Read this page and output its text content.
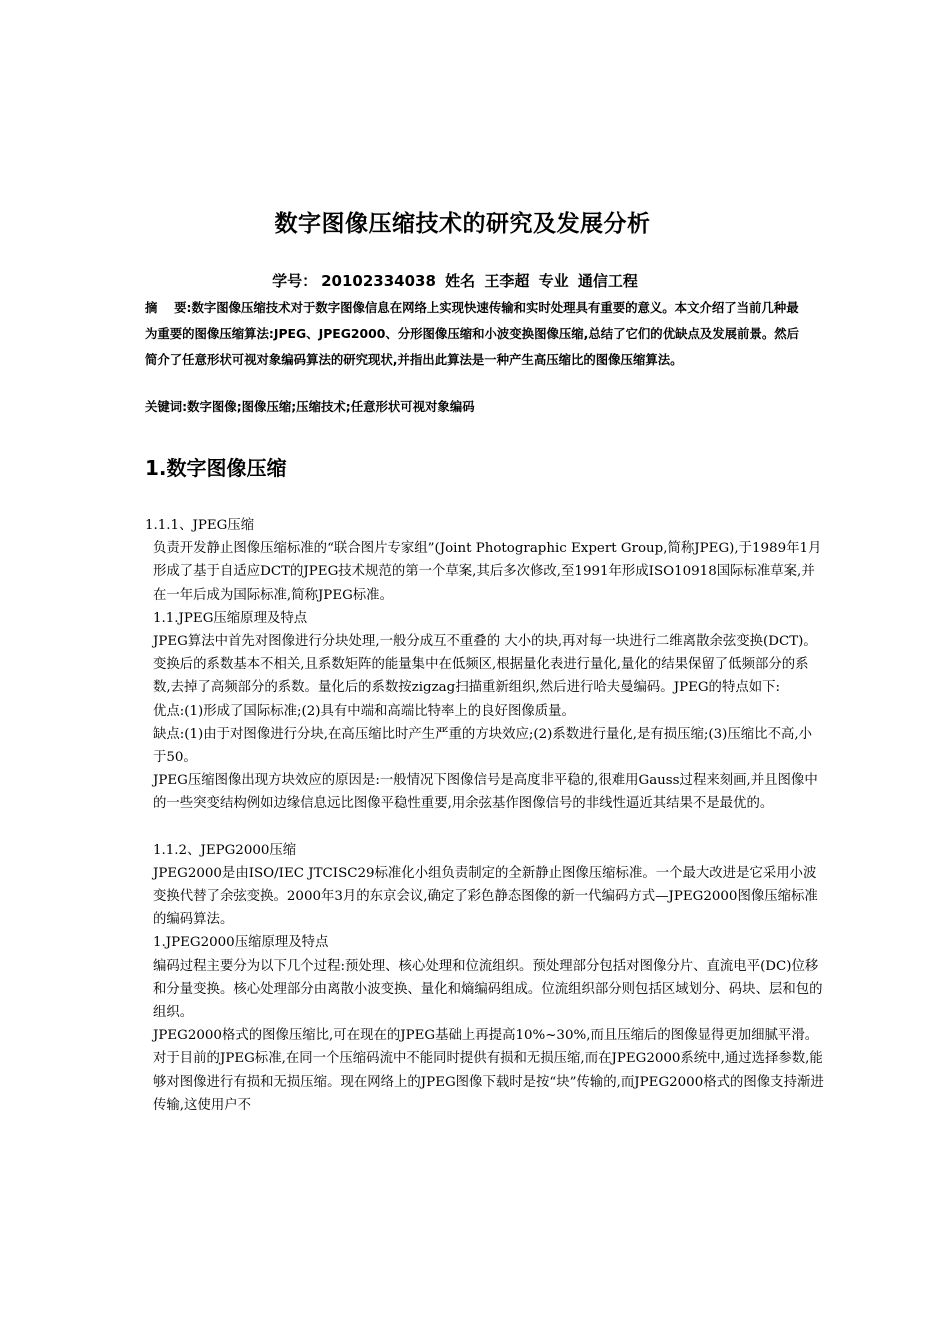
数字图像压缩技术的研究及发展分析
学号： 20102334038 姓名 王李超 专业 通信工程
摘　 要:数字图像压缩技术对于数字图像信息在网络上实现快速传输和实时处理具有重要的意义。本文介绍了当前几种最为重要的图像压缩算法:JPEG、JPEG2000、分形图像压缩和小波变换图像压缩,总结了它们的优缺点及发展前景。然后简介了任意形状可视对象编码算法的研究现状,并指出此算法是一种产生高压缩比的图像压缩算法。
关键词:数字图像;图像压缩;压缩技术;任意形状可视对象编码
1.数字图像压缩

1.1.1、JPEG压缩

负责开发静止图像压缩标准的“联合图片专家组”(Joint Photographic Expert Group,简称JPEG),于1989年1月形成了基于自适应DCT的JPEG技术规范的第一个草案,其后多次修改,至1991年形成ISO10918国际标准草案,并在一年后成为国际标准,简称JPEG标准。

1.1.JPEG压缩原理及特点

JPEG算法中首先对图像进行分块处理,一般分成互不重叠的 大小的块,再对每一块进行二维离散余弦变换(DCT)。变换后的系数基本不相关,且系数矩阵的能量集中在低频区,根据量化表进行量化,量化的结果保留了低频部分的系数,去掉了高频部分的系数。量化后的系数按zigzag扫描重新组织,然后进行哈夫曼编码。JPEG的特点如下:

优点:(1)形成了国际标准;(2)具有中端和高端比特率上的良好图像质量。

缺点:(1)由于对图像进行分块,在高压缩比时产生严重的方块效应;(2)系数进行量化,是有损压缩;(3)压缩比不高,小于50。

JPEG压缩图像出现方块效应的原因是:一般情况下图像信号是高度非平稳的,很难用Gauss过程来刻画,并且图像中的一些突变结构例如边缘信息远比图像平稳性重要,用余弦基作图像信号的非线性逼近其结果不是最优的。

1.1.2、JEPG2000压缩

JPEG2000是由ISO/IEC JTCISC29标准化小组负责制定的全新静止图像压缩标准。一个最大改进是它采用小波变换代替了余弦变换。2000年3月的东京会议,确定了彩色静态图像的新一代编码方式—JPEG2000图像压缩标准的编码算法。

1.JPEG2000压缩原理及特点

编码过程主要分为以下几个过程:预处理、核心处理和位流组织。预处理部分包括对图像分片、直流电平(DC)位移和分量变换。核心处理部分由离散小波变换、量化和熵编码组成。位流组织部分则包括区域划分、码块、层和包的组织。

JPEG2000格式的图像压缩比,可在现在的JPEG基础上再提高10%~30%,而且压缩后的图像显得更加细腻平滑。对于目前的JPEG标准,在同一个压缩码流中不能同时提供有损和无损压缩,而在JPEG2000系统中,通过选择参数,能够对图像进行有损和无损压缩。现在网络上的JPEG图像下载时是按“块”传输的,而JPEG2000格式的图像支持渐进传输,这使用户不
